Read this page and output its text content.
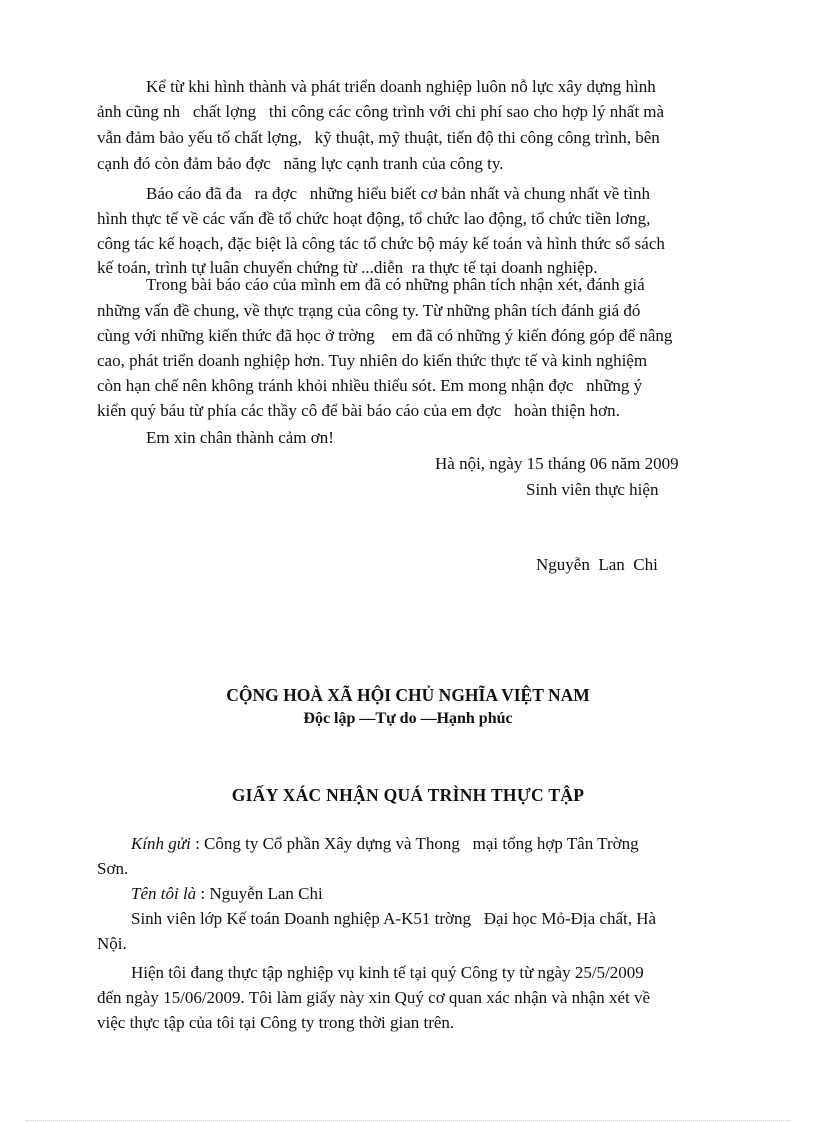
Kể từ khi hình thành và phát triển doanh nghiệp luôn nỗ lực xây dựng hình
ảnh cũng nh   chất lợng   thi công các công trình với chi phí sao cho hợp lý nhất mà
vẫn đảm bảo yếu tố chất lợng,   kỹ thuật, mỹ thuật, tiến độ thi công công trình, bên
cạnh đó còn đảm bảo đợc   năng lực cạnh tranh của công ty.
Báo cáo đã đa   ra đợc   những hiểu biết cơ bản nhất và chung nhất về tình
hình thực tế về các vấn đề tổ chức hoạt động, tổ chức lao động, tổ chức tiền lơng,
công tác kế hoạch, đặc biệt là công tác tổ chức bộ máy kế toán và hình thức sổ sách
kế toán, trình tự luân chuyển chứng từ ...diễn  ra thực tế tại doanh nghiệp.
Trong bài báo cáo của mình em đã có những phân tích nhận xét, đánh giá
những vấn đề chung, về thực trạng của công ty. Từ những phân tích đánh giá đó
cùng với những kiến thức đã học ở trờng    em đã có những ý kiến đóng góp để nâng
cao, phát triển doanh nghiệp hơn. Tuy nhiên do kiến thức thực tế và kinh nghiệm
còn hạn chế nên không tránh khỏi nhiều thiếu sót. Em mong nhận đợc   những ý
kiến quý báu từ phía các thầy cô để bài báo cáo của em đợc   hoàn thiện hơn.
Em xin chân thành cảm ơn!
Hà nội, ngày 15 tháng 06 năm 2009
Sinh viên thực hiện
Nguyễn  Lan  Chi
CỘNG HOÀ XÃ HỘI CHỦ NGHĨA VIỆT NAM
Độc lập —Tự do —Hạnh phúc
GIẤY XÁC NHẬN QUÁ TRÌNH THỰC TẬP
Kính gửi : Công ty Cổ phần Xây dựng và Thong   mại tổng hợp Tân Trờng
Sơn.
Tên tôi là : Nguyễn Lan Chi
Sinh viên lớp Kế toán Doanh nghiệp A-K51 trờng   Đại học Mỏ-Địa chất, Hà
Nội.
Hiện tôi đang thực tập nghiệp vụ kinh tế tại quý Công ty từ ngày 25/5/2009
đến ngày 15/06/2009. Tôi làm giấy này xin Quý cơ quan xác nhận và nhận xét về
việc thực tập của tôi tại Công ty trong thời gian trên.
